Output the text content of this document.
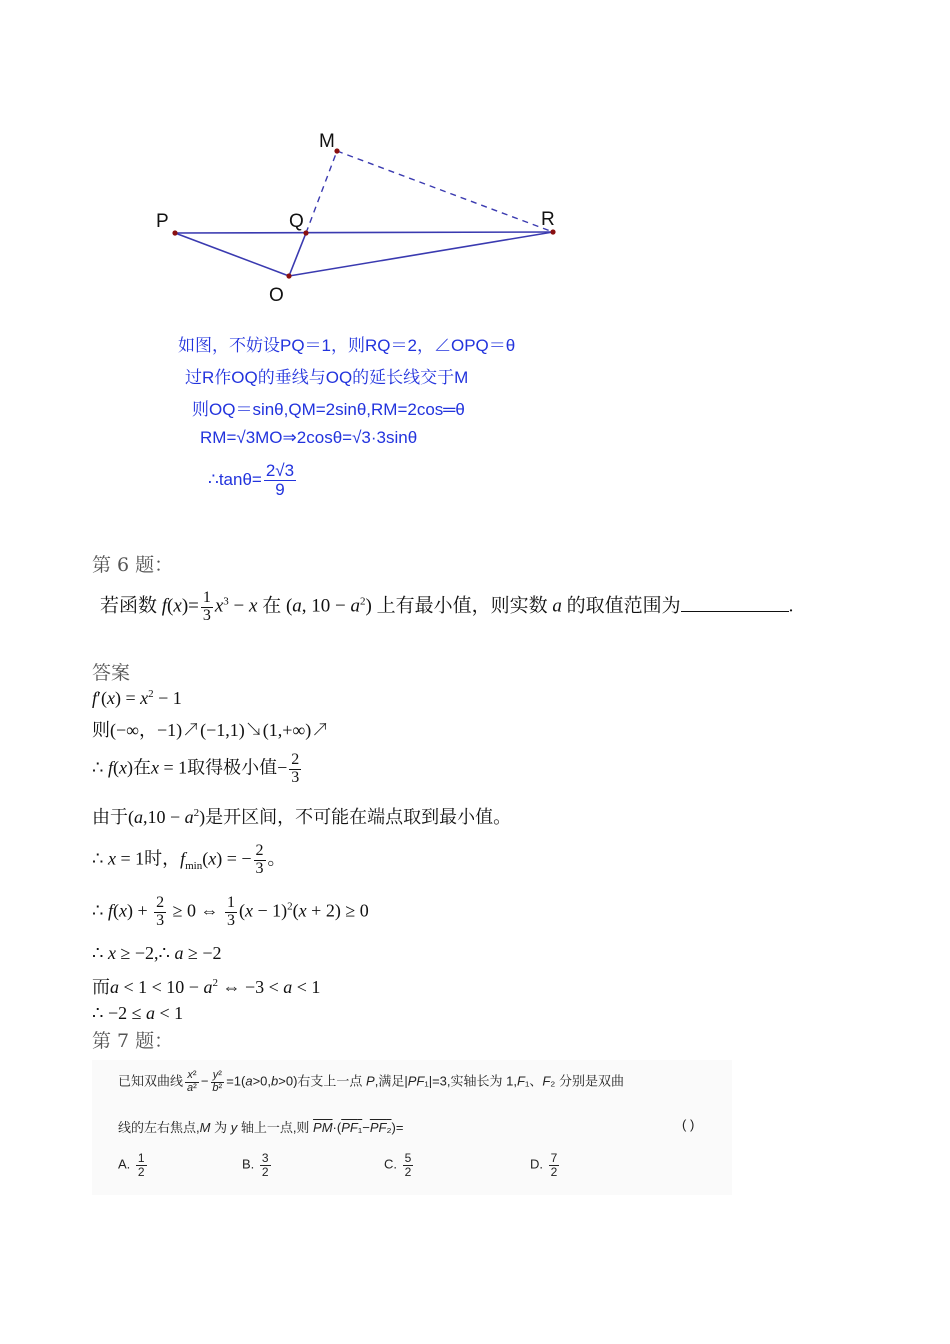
M
P	Q	R
O
如图，不妨设PQ＝1，则RQ＝2，∠OPQ＝θ
过R作OQ的垂线与OQ的延长线交于M
则OQ＝sinθ,QM=2sinθ,RM=2cos═θ
RM=√3MO⇒2cosθ=√3·3sinθ
∴tanθ= $\frac{2√3}{9}$
第 6 题：
若函数 $f(x)= \frac{1}{3} x^3 - x$ 在 (a, $10 - a^2$) 上有最小值，则实数 a 的取值范围为	.
答案
$f'(x) = x^2 - 1$
则(−∞，−1)↗(−1,1)↘(1,+∞)↗
∴ f(x)在x = 1取得极小值− $\frac{2}{3}$
由于$(a,10 - a^2)$是开区间，不可能在端点取到最小值。
∴ x = 1时，$f_{min}(x)$ = − $\frac{2}{3}$ 。
∴ $f(x) + \frac{2}{3} \ge 0$ ⇔ $\frac{1}{3} (x - 1)^2(x + 2) \ge 0$
∴ x ≥ −2,∴ a ≥ −2
而$a < 1 < 10 - a^2$ ⇔ −3 < a < 1
∴ −2 ≤ a < 1
第 7 题：
已知双曲线 $\frac{\text{x²}}{\text{a²}} - \frac{\text{y²}}{\text{b²}} =1(a>0,b>0)$右支上一点 P,满足|PF₁|=3,实轴长为 1,F₁、F₂ 分别是双曲
线的左右焦点,M 为 y 轴上一点,则 $\overline{PM}\cdot(PF_1-PF_2)=$	( )
A. $\frac{1}{2}$	B. $\frac{3}{2}$	C. $\frac{5}{2}$	D. $\frac{7}{2}$
